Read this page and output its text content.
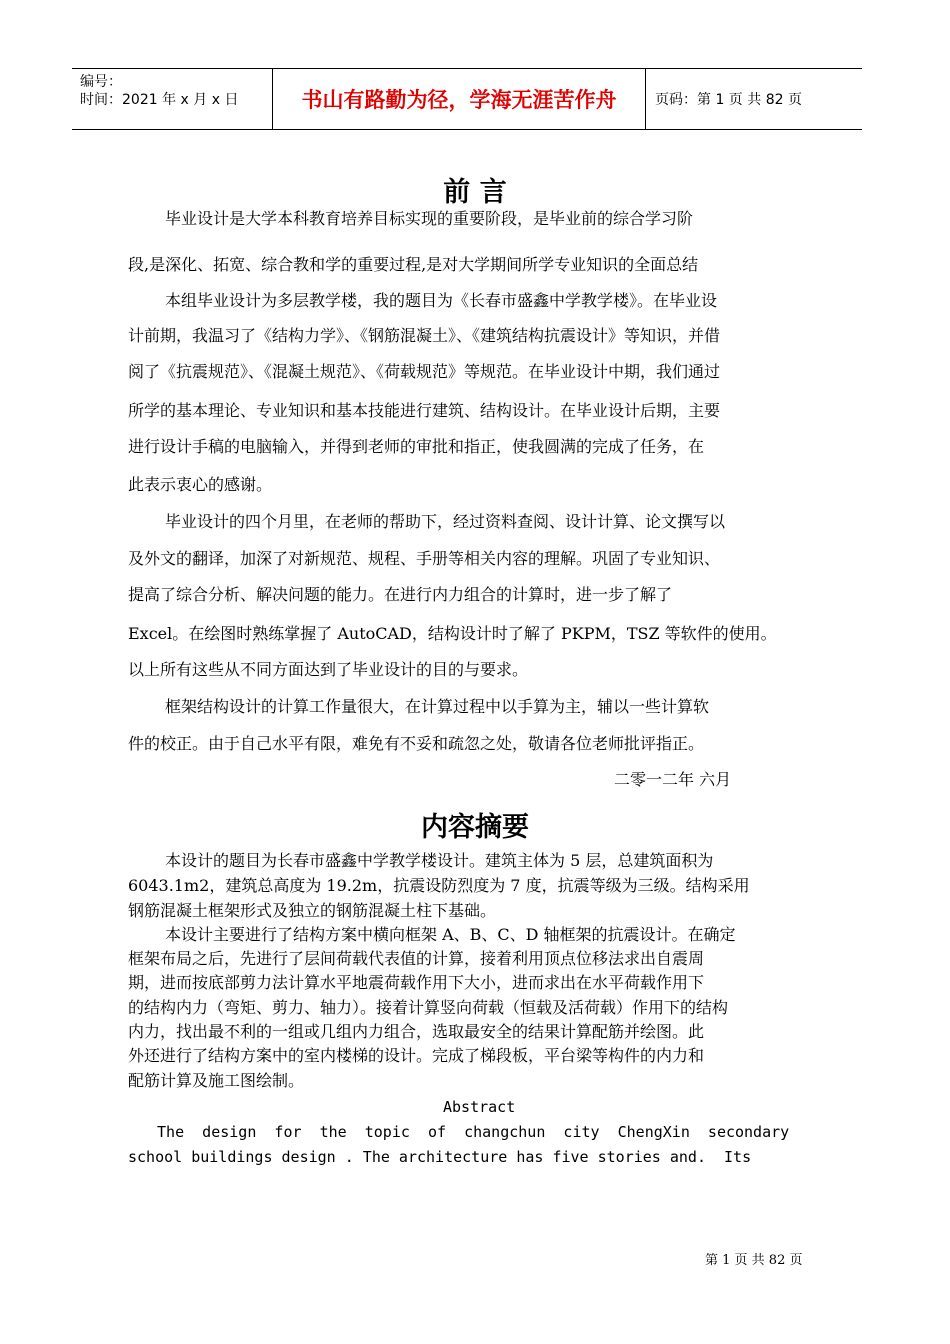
编号：
时间：2021 年 x 月 x 日	书山有路勤为径，学海无涯苦作舟	页码：第 1 页 共 82 页
前 言
毕业设计是大学本科教育培养目标实现的重要阶段，是毕业前的综合学习阶
段,是深化、拓宽、综合教和学的重要过程,是对大学期间所学专业知识的全面总结
本组毕业设计为多层教学楼，我的题目为《长春市盛鑫中学教学楼》。在毕业设
计前期，我温习了《结构力学》、《钢筋混凝土》、《建筑结构抗震设计》等知识，并借
阅了《抗震规范》、《混凝土规范》、《荷载规范》等规范。在毕业设计中期，我们通过
所学的基本理论、专业知识和基本技能进行建筑、结构设计。在毕业设计后期，主要
进行设计手稿的电脑输入，并得到老师的审批和指正，使我圆满的完成了任务，在
此表示衷心的感谢。
毕业设计的四个月里，在老师的帮助下，经过资料查阅、设计计算、论文撰写以
及外文的翻译，加深了对新规范、规程、手册等相关内容的理解。巩固了专业知识、
提高了综合分析、解决问题的能力。在进行内力组合的计算时，进一步了解了
Excel。在绘图时熟练掌握了 AutoCAD，结构设计时了解了 PKPM，TSZ 等软件的使用。
以上所有这些从不同方面达到了毕业设计的目的与要求。
框架结构设计的计算工作量很大，在计算过程中以手算为主，辅以一些计算软
件的校正。由于自己水平有限，难免有不妥和疏忽之处，敬请各位老师批评指正。
二零一二年 六月
内容摘要
本设计的题目为长春市盛鑫中学教学楼设计。建筑主体为 5 层，总建筑面积为
6043.1m2，建筑总高度为 19.2m，抗震设防烈度为 7 度，抗震等级为三级。结构采用
钢筋混凝土框架形式及独立的钢筋混凝土柱下基础。
本设计主要进行了结构方案中横向框架 A、B、C、D 轴框架的抗震设计。在确定
框架布局之后，先进行了层间荷载代表值的计算，接着利用顶点位移法求出自震周
期，进而按底部剪力法计算水平地震荷载作用下大小，进而求出在水平荷载作用下
的结构内力（弯矩、剪力、轴力）。接着计算竖向荷载（恒载及活荷载）作用下的结构
内力，找出最不利的一组或几组内力组合，选取最安全的结果计算配筋并绘图。此
外还进行了结构方案中的室内楼梯的设计。完成了梯段板，平台梁等构件的内力和
配筋计算及施工图绘制。
Abstract
The  design  for  the  topic  of  changchun  city  ChengXin  secondary
school buildings design . The architecture has five stories and.  Its
第 1 页 共 82 页
